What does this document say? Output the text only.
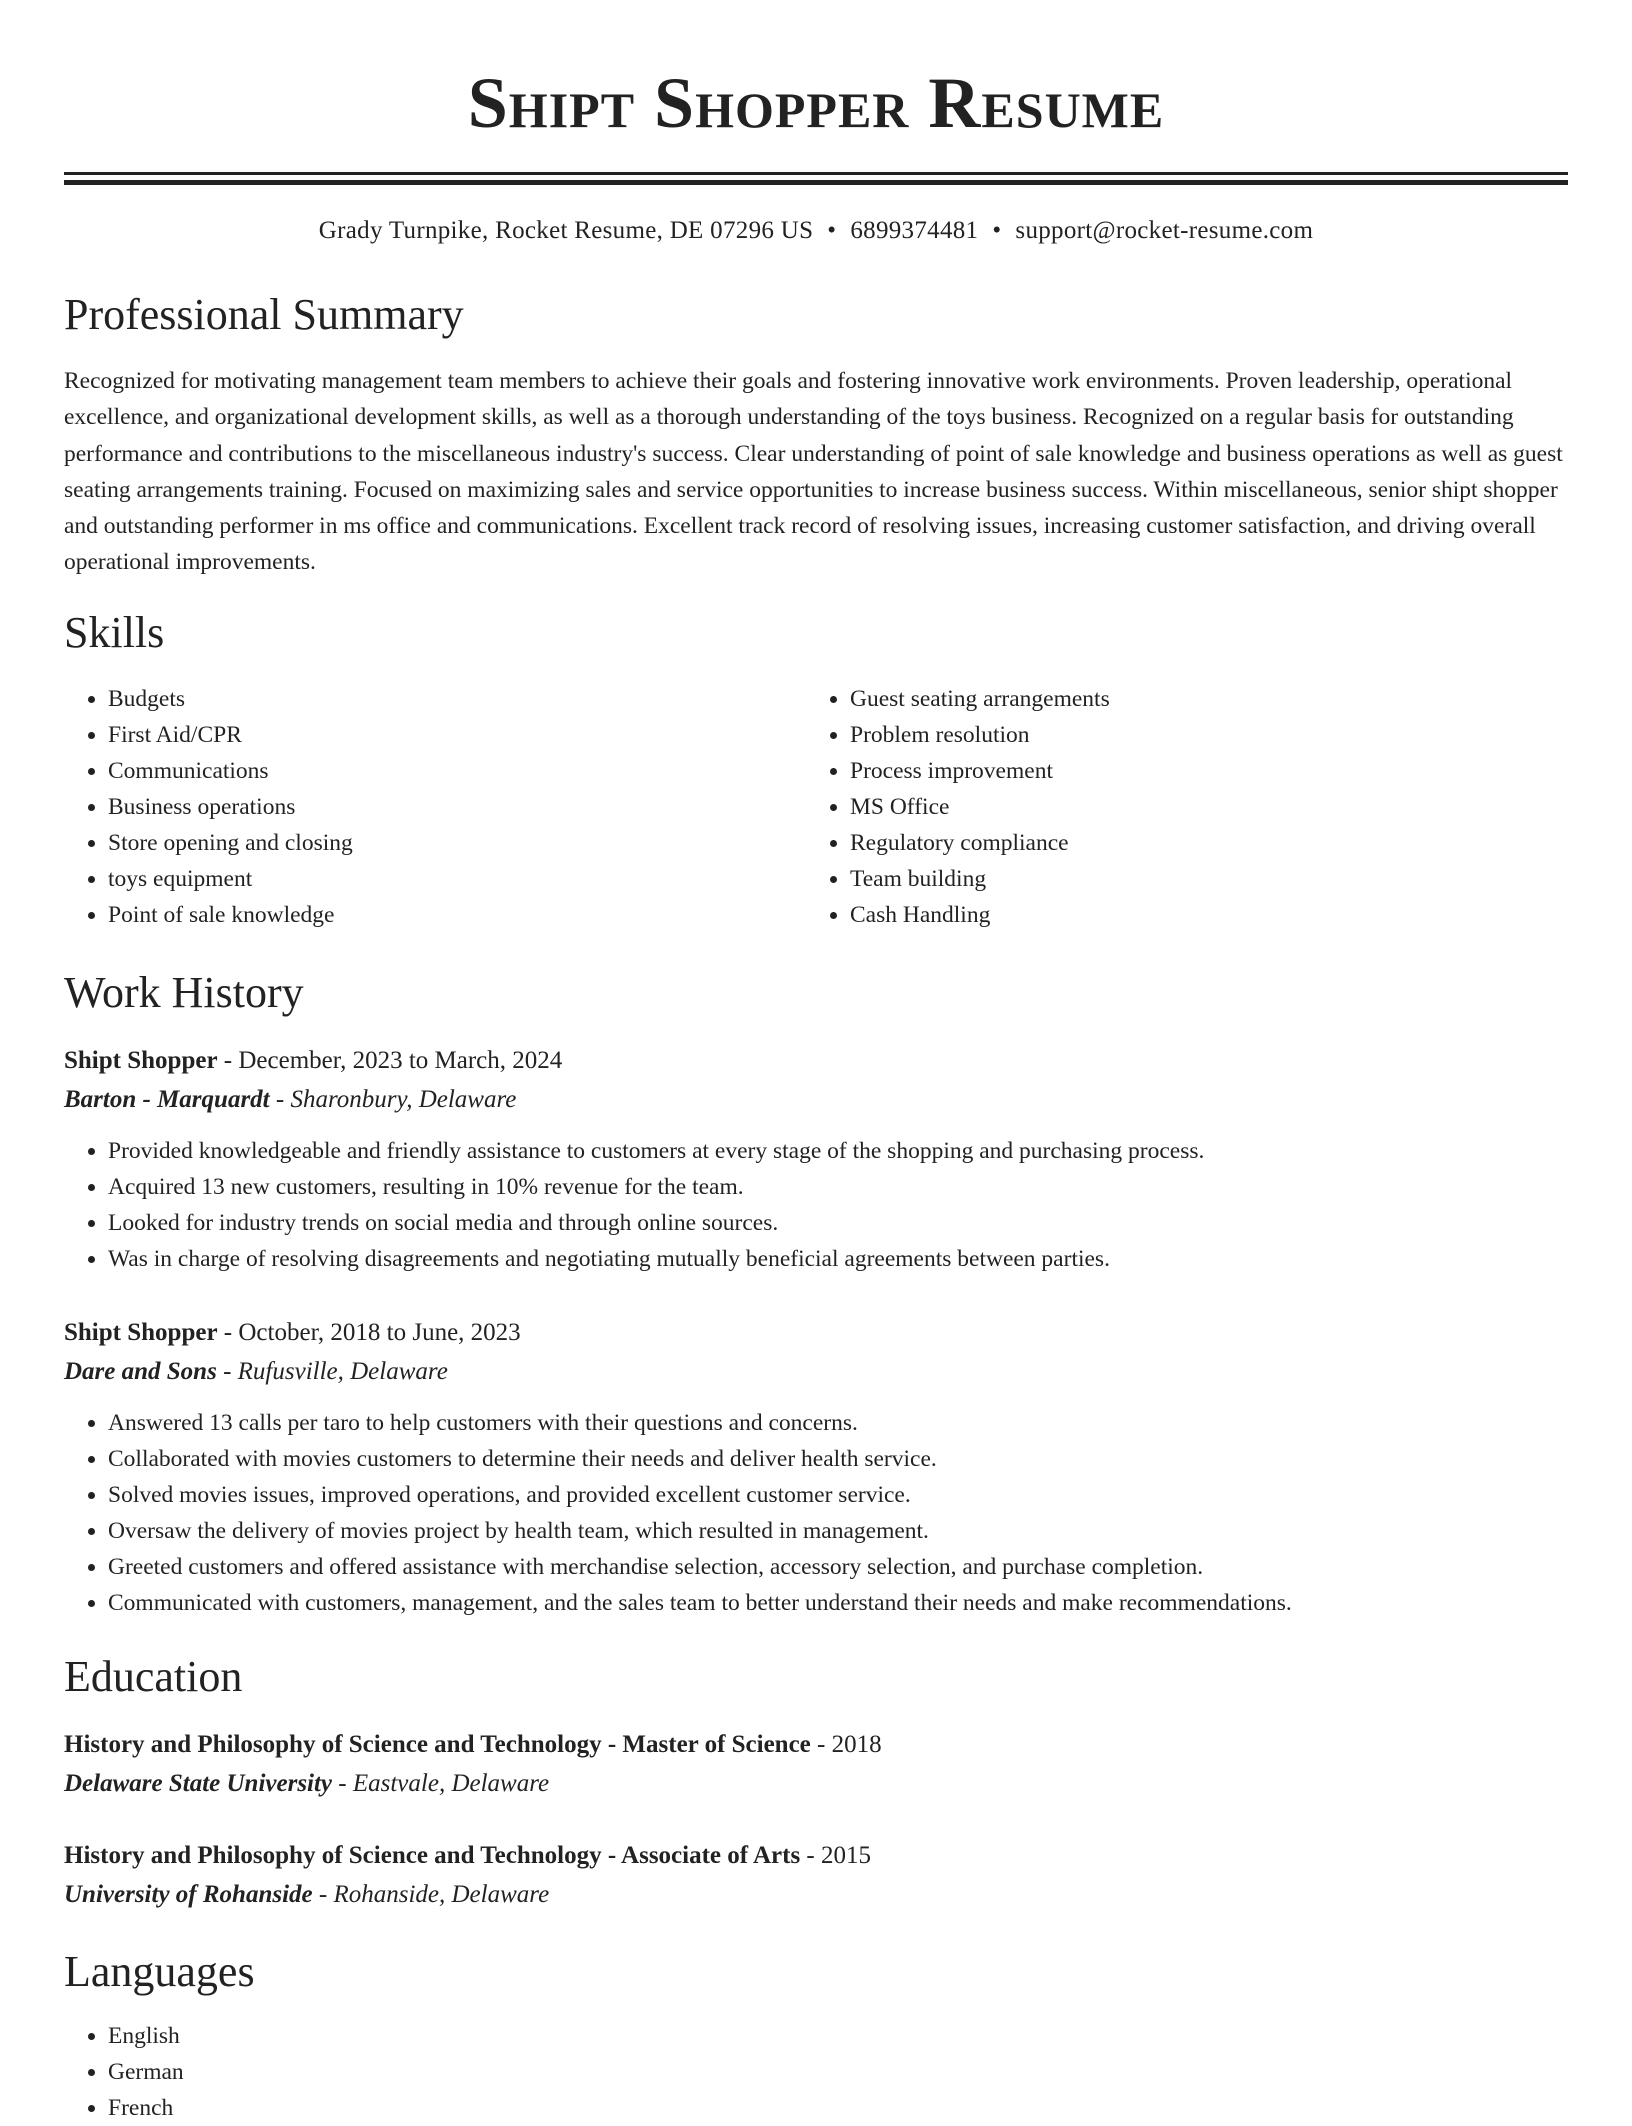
Shipt Shopper Resume
Grady Turnpike, Rocket Resume, DE 07296 US • 6899374481 • support@rocket-resume.com
Professional Summary

Recognized for motivating management team members to achieve their goals and fostering innovative work environments. Proven leadership, operational excellence, and organizational development skills, as well as a thorough understanding of the toys business. Recognized on a regular basis for outstanding performance and contributions to the miscellaneous industry's success. Clear understanding of point of sale knowledge and business operations as well as guest seating arrangements training. Focused on maximizing sales and service opportunities to increase business success. Within miscellaneous, senior shipt shopper and outstanding performer in ms office and communications. Excellent track record of resolving issues, increasing customer satisfaction, and driving overall operational improvements.

Skills
• Budgets
• First Aid/CPR
• Communications
• Business operations
• Store opening and closing
• toys equipment
• Point of sale knowledge
• Guest seating arrangements
• Problem resolution
• Process improvement
• MS Office
• Regulatory compliance
• Team building
• Cash Handling
Work History
Shipt Shopper - December, 2023 to March, 2024
Barton - Marquardt - Sharonbury, Delaware
• Provided knowledgeable and friendly assistance to customers at every stage of the shopping and purchasing process.
• Acquired 13 new customers, resulting in 10% revenue for the team.
• Looked for industry trends on social media and through online sources.
• Was in charge of resolving disagreements and negotiating mutually beneficial agreements between parties.
Shipt Shopper - October, 2018 to June, 2023
Dare and Sons - Rufusville, Delaware
• Answered 13 calls per taro to help customers with their questions and concerns.
• Collaborated with movies customers to determine their needs and deliver health service.
• Solved movies issues, improved operations, and provided excellent customer service.
• Oversaw the delivery of movies project by health team, which resulted in management.
• Greeted customers and offered assistance with merchandise selection, accessory selection, and purchase completion.
• Communicated with customers, management, and the sales team to better understand their needs and make recommendations.
Education
History and Philosophy of Science and Technology - Master of Science - 2018
Delaware State University - Eastvale, Delaware
History and Philosophy of Science and Technology - Associate of Arts - 2015
University of Rohanside - Rohanside, Delaware
Languages
• English
• German
• French
